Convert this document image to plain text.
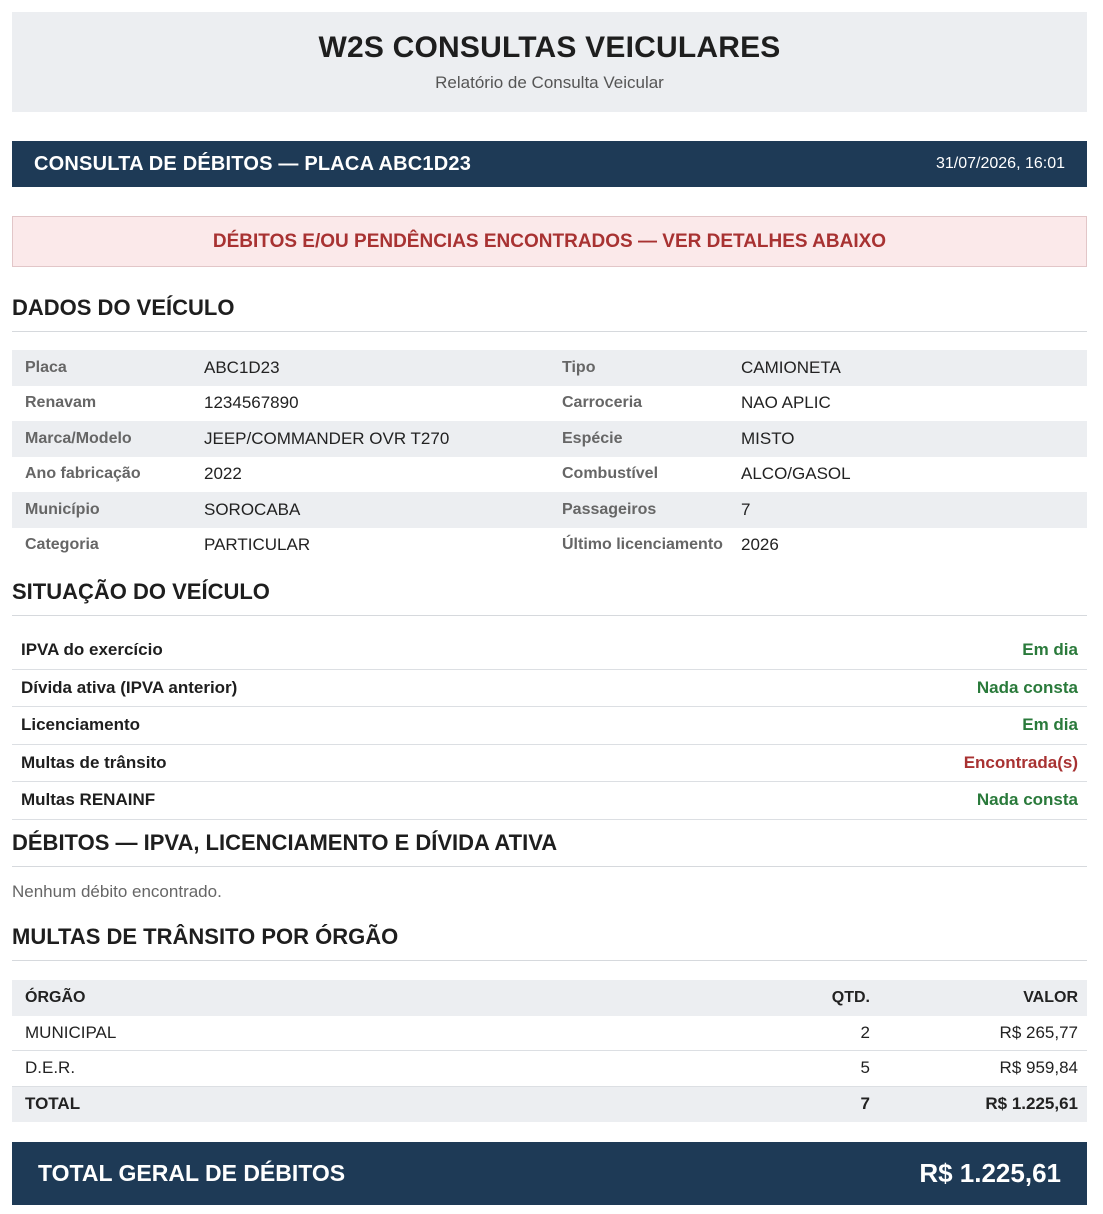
W2S CONSULTAS VEICULARES
Relatório de Consulta Veicular
CONSULTA DE DÉBITOS — PLACA ABC1D23	31/07/2026, 16:01
DÉBITOS E/OU PENDÊNCIAS ENCONTRADOS — VER DETALHES ABAIXO
DADOS DO VEÍCULO
Placa	ABC1D23	Tipo	CAMIONETA
Renavam	1234567890	Carroceria	NAO APLIC
Marca/Modelo	JEEP/COMMANDER OVR T270	Espécie	MISTO
Ano fabricação	2022	Combustível	ALCO/GASOL
Município	SOROCABA	Passageiros	7
Categoria	PARTICULAR	Último licenciamento 2026
SITUAÇÃO DO VEÍCULO
IPVA do exercício	Em dia
Dívida ativa (IPVA anterior)	Nada consta
Licenciamento	Em dia
Multas de trânsito	Encontrada(s)
Multas RENAINF	Nada consta
DÉBITOS — IPVA, LICENCIAMENTO E DÍVIDA ATIVA
Nenhum débito encontrado.
MULTAS DE TRÂNSITO POR ÓRGÃO
ÓRGÃO	QTD.	VALOR
MUNICIPAL	2	R$ 265,77
D.E.R.	5	R$ 959,84
TOTAL	7	R$ 1.225,61
TOTAL GERAL DE DÉBITOS	R$ 1.225,61
